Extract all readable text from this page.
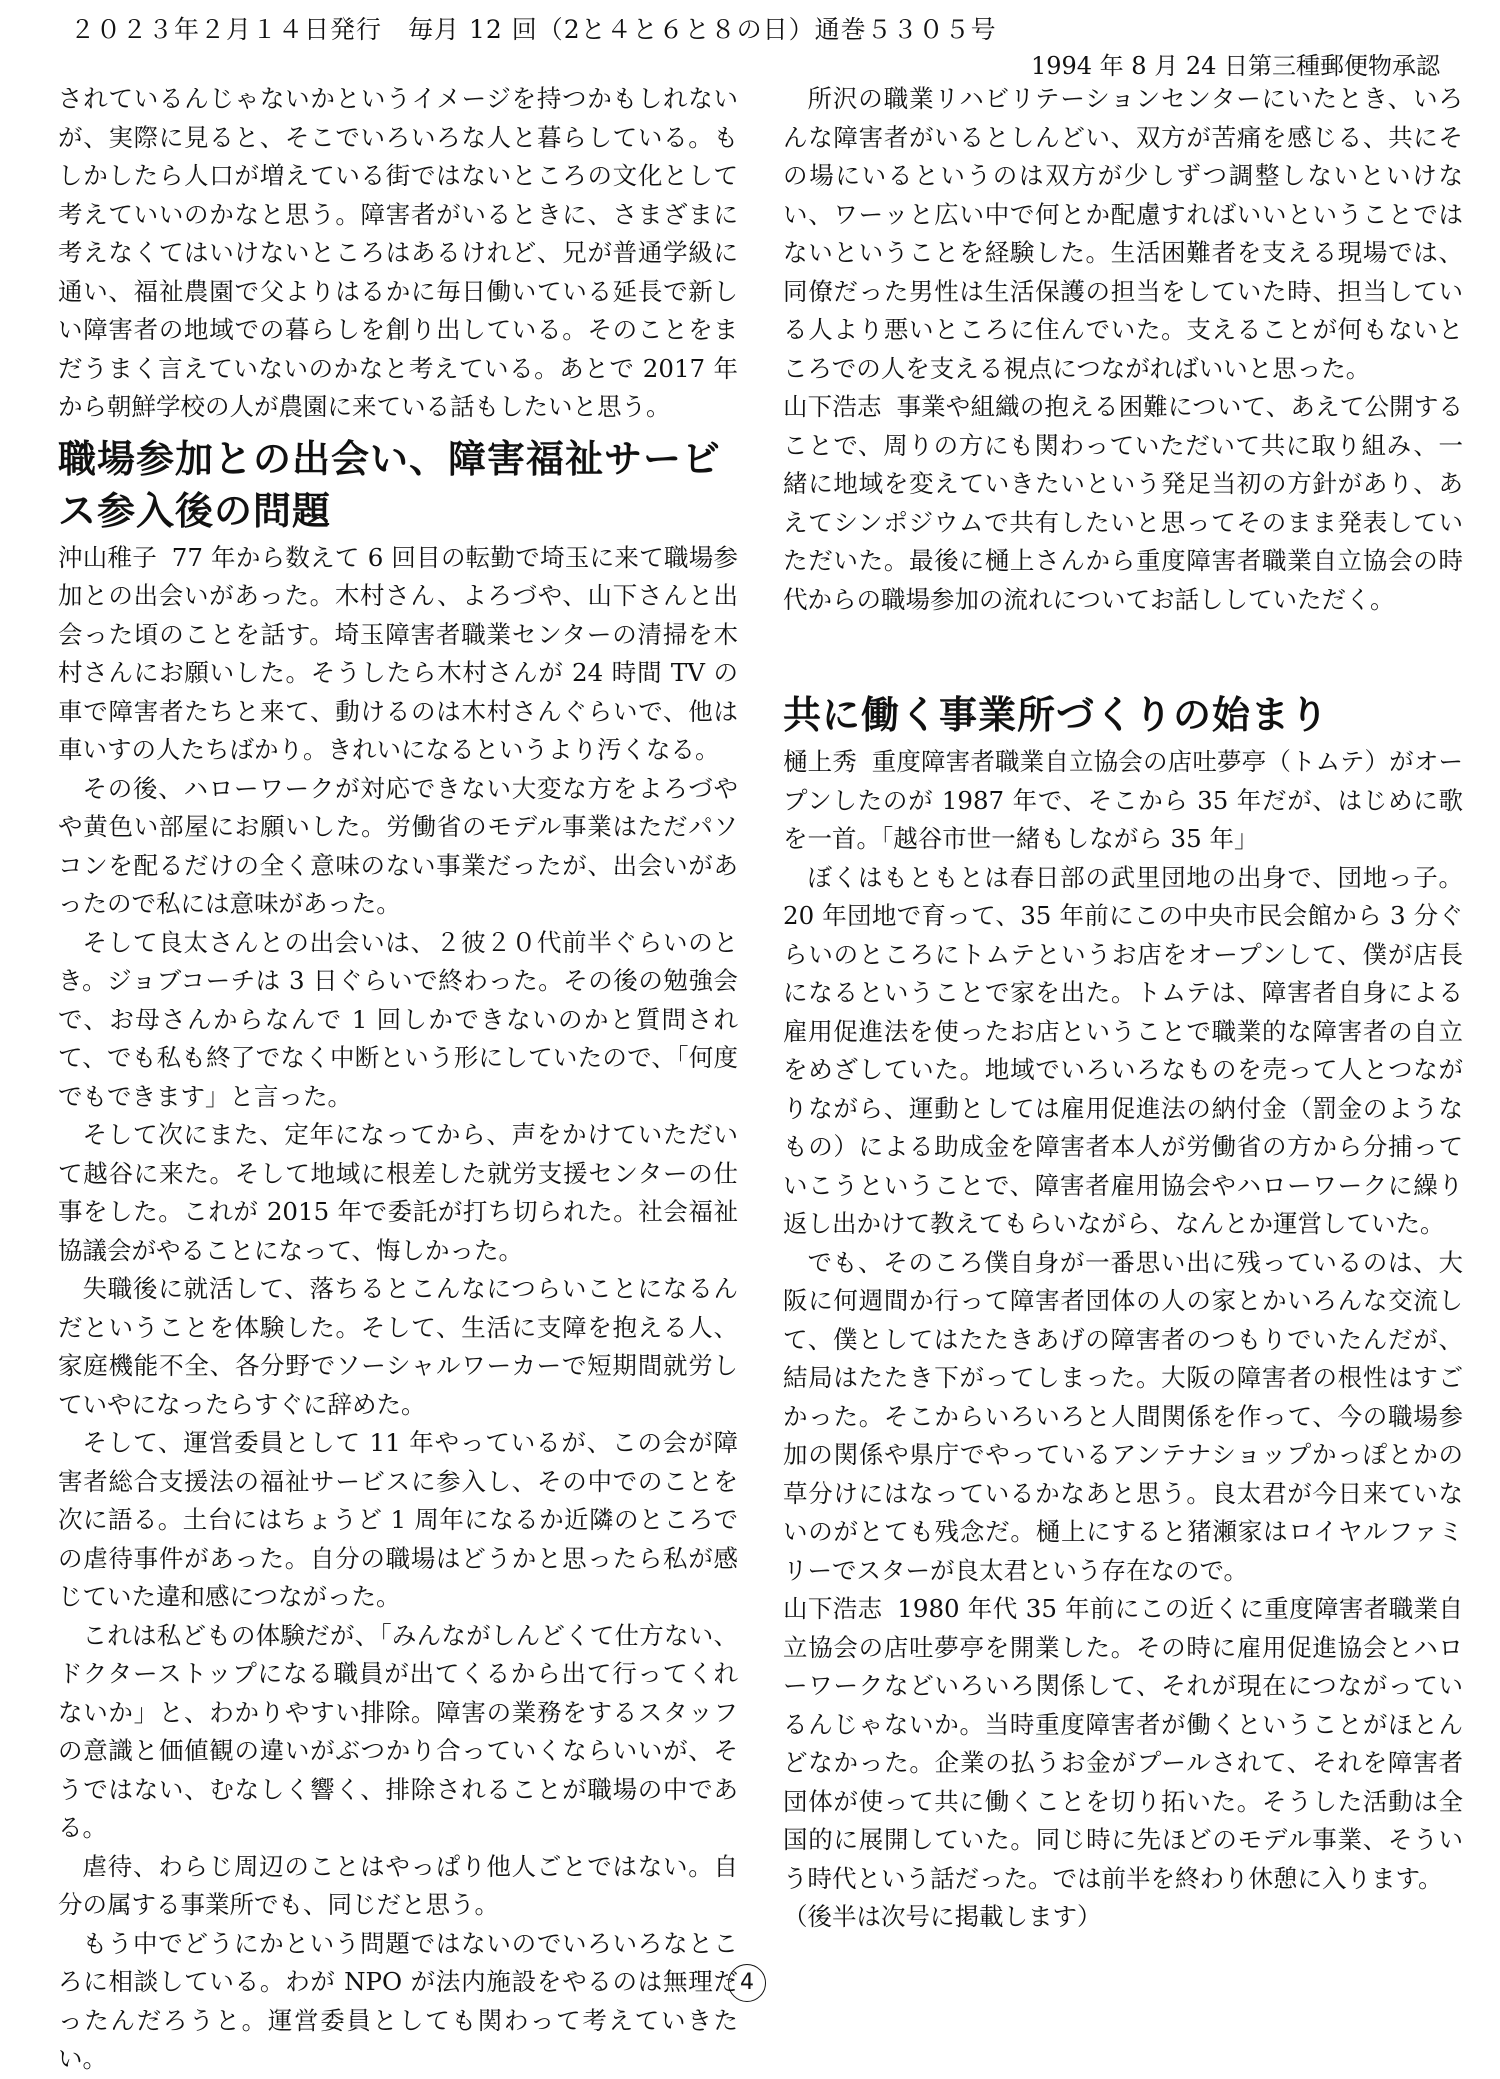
２０２３年２月１４日発行　毎月 12 回（2と４と６と８の日）通巻５３０５号
1994 年 8 月 24 日第三種郵便物承認

されているんじゃないかというイメージを持つかもしれないが、実際に見ると、そこでいろいろな人と暮らしている。もしかしたら人口が増えている街ではないところの文化として考えていいのかなと思う。障害者がいるときに、さまざまに考えなくてはいけないところはあるけれど、兄が普通学級に通い、福祉農園で父よりはるかに毎日働いている延長で新しい障害者の地域での暮らしを創り出している。そのことをまだうまく言えていないのかなと考えている。あとで 2017 年から朝鮮学校の人が農園に来ている話もしたいと思う。

職場参加との出会い、障害福祉サービス参入後の問題

沖山稚子 77 年から数えて 6 回目の転勤で埼玉に来て職場参加との出会いがあった。木村さん、よろづや、山下さんと出会った頃のことを話す。埼玉障害者職業センターの清掃を木村さんにお願いした。そうしたら木村さんが 24 時間 TV の車で障害者たちと来て、動けるのは木村さんぐらいで、他は車いすの人たちばかり。きれいになるというより汚くなる。

その後、ハローワークが対応できない大変な方をよろづやや黄色い部屋にお願いした。労働省のモデル事業はただパソコンを配るだけの全く意味のない事業だったが、出会いがあったので私には意味があった。

そして良太さんとの出会いは、２彼２０代前半ぐらいのとき。ジョブコーチは 3 日ぐらいで終わった。その後の勉強会で、お母さんからなんで 1 回しかできないのかと質問されて、でも私も終了でなく中断という形にしていたので、「何度でもできます」と言った。

そして次にまた、定年になってから、声をかけていただいて越谷に来た。そして地域に根差した就労支援センターの仕事をした。これが 2015 年で委託が打ち切られた。社会福祉協議会がやることになって、悔しかった。

失職後に就活して、落ちるとこんなにつらいことになるんだということを体験した。そして、生活に支障を抱える人、家庭機能不全、各分野でソーシャルワーカーで短期間就労していやになったらすぐに辞めた。

そして、運営委員として 11 年やっているが、この会が障害者総合支援法の福祉サービスに参入し、その中でのことを次に語る。土台にはちょうど 1 周年になるか近隣のところでの虐待事件があった。自分の職場はどうかと思ったら私が感じていた違和感につながった。

これは私どもの体験だが、「みんながしんどくて仕方ない、ドクターストップになる職員が出てくるから出て行ってくれないか」と、わかりやすい排除。障害の業務をするスタッフの意識と価値観の違いがぶつかり合っていくならいいが、そうではない、むなしく響く、排除されることが職場の中である。

虐待、わらじ周辺のことはやっぱり他人ごとではない。自分の属する事業所でも、同じだと思う。

もう中でどうにかという問題ではないのでいろいろなところに相談している。わが NPO が法内施設をやるのは無理だったんだろうと。運営委員としても関わって考えていきたい。

所沢の職業リハビリテーションセンターにいたとき、いろんな障害者がいるとしんどい、双方が苦痛を感じる、共にその場にいるというのは双方が少しずつ調整しないといけない、ワーッと広い中で何とか配慮すればいいということではないということを経験した。生活困難者を支える現場では、同僚だった男性は生活保護の担当をしていた時、担当している人より悪いところに住んでいた。支えることが何もないところでの人を支える視点につながればいいと思った。

山下浩志 事業や組織の抱える困難について、あえて公開することで、周りの方にも関わっていただいて共に取り組み、一緒に地域を変えていきたいという発足当初の方針があり、あえてシンポジウムで共有したいと思ってそのまま発表していただいた。最後に樋上さんから重度障害者職業自立協会の時代からの職場参加の流れについてお話ししていただく。

共に働く事業所づくりの始まり

樋上秀 重度障害者職業自立協会の店吐夢亭（トムテ）がオープンしたのが 1987 年で、そこから 35 年だが、はじめに歌を一首。「越谷市世一緒もしながら 35 年」

ぼくはもともとは春日部の武里団地の出身で、団地っ子。20 年団地で育って、35 年前にこの中央市民会館から 3 分ぐらいのところにトムテというお店をオープンして、僕が店長になるということで家を出た。トムテは、障害者自身による雇用促進法を使ったお店ということで職業的な障害者の自立をめざしていた。地域でいろいろなものを売って人とつながりながら、運動としては雇用促進法の納付金（罰金のようなもの）による助成金を障害者本人が労働省の方から分捕っていこうということで、障害者雇用協会やハローワークに繰り返し出かけて教えてもらいながら、なんとか運営していた。

でも、そのころ僕自身が一番思い出に残っているのは、大阪に何週間か行って障害者団体の人の家とかいろんな交流して、僕としてはたたきあげの障害者のつもりでいたんだが、結局はたたき下がってしまった。大阪の障害者の根性はすごかった。そこからいろいろと人間関係を作って、今の職場参加の関係や県庁でやっているアンテナショップかっぽとかの草分けにはなっているかなあと思う。良太君が今日来ていないのがとても残念だ。樋上にすると猪瀬家はロイヤルファミリーでスターが良太君という存在なので。

山下浩志 1980 年代 35 年前にこの近くに重度障害者職業自立協会の店吐夢亭を開業した。その時に雇用促進協会とハローワークなどいろいろ関係して、それが現在につながっているんじゃないか。当時重度障害者が働くということがほとんどなかった。企業の払うお金がプールされて、それを障害者団体が使って共に働くことを切り拓いた。そうした活動は全国的に展開していた。同じ時に先ほどのモデル事業、そういう時代という話だった。では前半を終わり休憩に入ります。

（後半は次号に掲載します）

4
